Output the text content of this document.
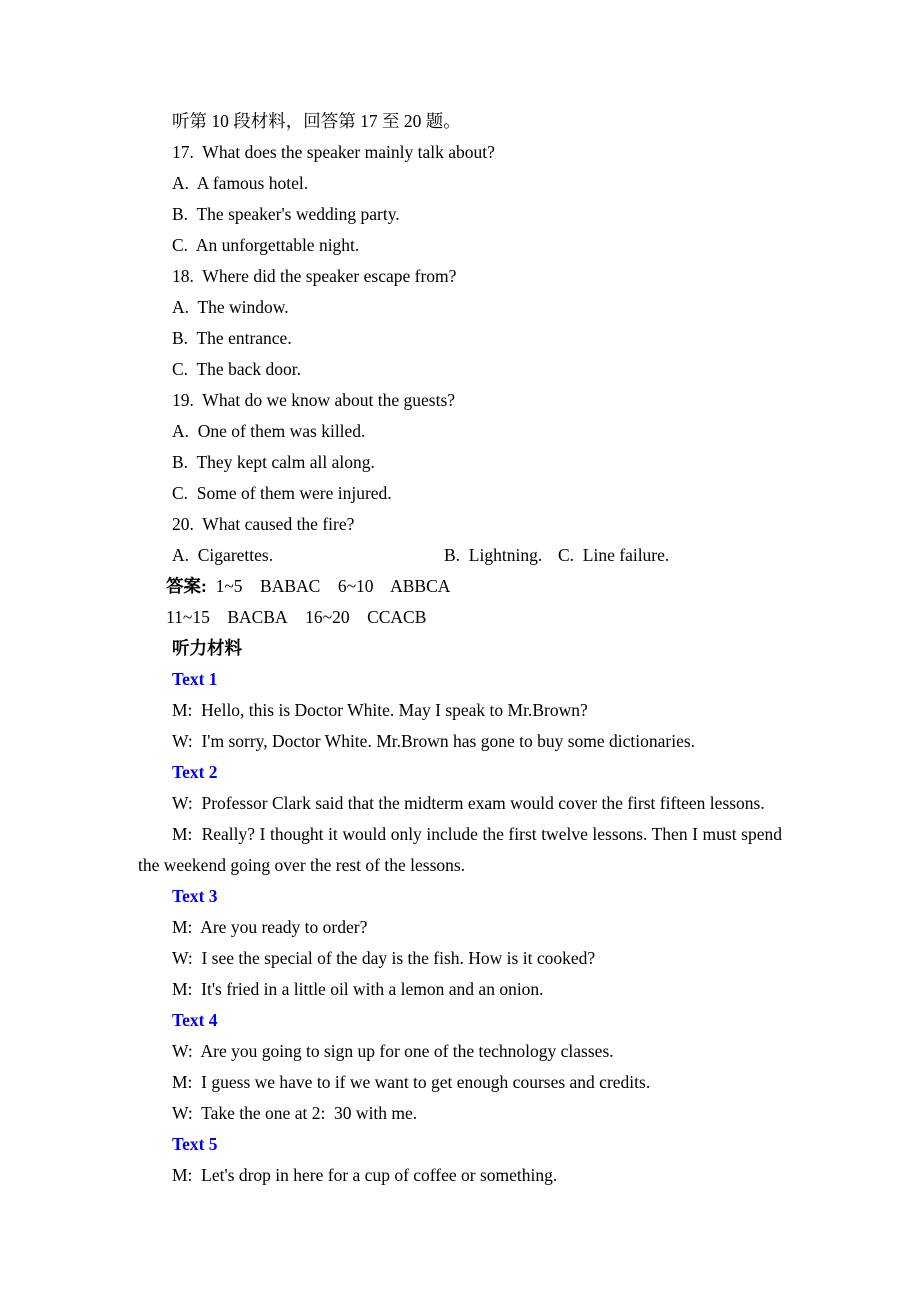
听第 10 段材料，回答第 17 至 20 题。
17.  What does the speaker mainly talk about?
A.  A famous hotel.
B.  The speaker's wedding party.
C.  An unforgettable night.
18.  Where did the speaker escape from?
A.  The window.
B.  The entrance.
C.  The back door.
19.  What do we know about the guests?
A.  One of them was killed.
B.  They kept calm all along.
C.  Some of them were injured.
20.  What caused the fire?
A.  Cigarettes.	B.  Lightning. C.  Line failure.
答案:  1~5    BABAC    6~10    ABBCA
11~15    BACBA    16~20    CCACB
听力材料
Text 1
M:  Hello, this is Doctor White. May I speak to Mr.Brown?
W:  I'm sorry, Doctor White. Mr.Brown has gone to buy some dictionaries.
Text 2
W:  Professor Clark said that the midterm exam would cover the first fifteen lessons.
M:  Really? I thought it would only include the first twelve lessons. Then I must spend the weekend going over the rest of the lessons.
Text 3
M:  Are you ready to order?
W:  I see the special of the day is the fish. How is it cooked?
M:  It's fried in a little oil with a lemon and an onion.
Text 4
W:  Are you going to sign up for one of the technology classes.
M:  I guess we have to if we want to get enough courses and credits.
W:  Take the one at 2:  30 with me.
Text 5
M:  Let's drop in here for a cup of coffee or something.
